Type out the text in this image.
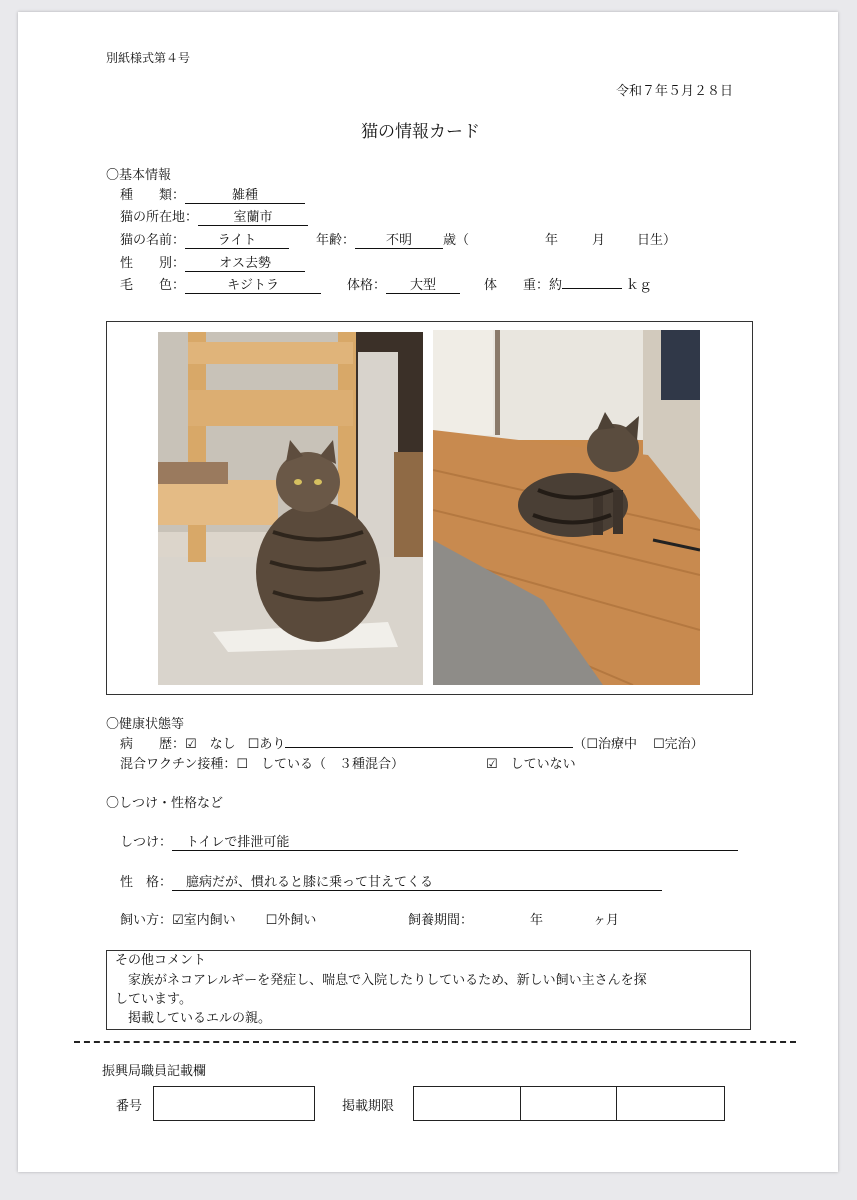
別紙様式第４号
令和７年５月２８日
猫の情報カード
〇基本情報
種　　類：	雑種
猫の所在地：	室蘭市
猫の名前：	ライト	年齢： 不明 歳（	年	月 日生）
性　　別：	オス去勢
毛　　色：	キジトラ	体格： 大型	体　　重：約	ｋｇ
〇健康状態等
病　　歴：☑　なし ☐あり	（☐治療中 ☐完治）
混合ワクチン接種：☐　している（　３種混合）	☑　していない
〇しつけ・性格など
しつけ： トイレで排泄可能
性　格： 臆病だが、慣れると膝に乗って甘えてくる
飼い方：☑室内飼い ☐外飼い	飼養期間：	年	ヶ月
その他コメント
　家族がネコアレルギーを発症し、喘息で入院したりしているため、新しい飼い主さんを探
しています。
　掲載しているエルの親。
振興局職員記載欄
番号	掲載期限
